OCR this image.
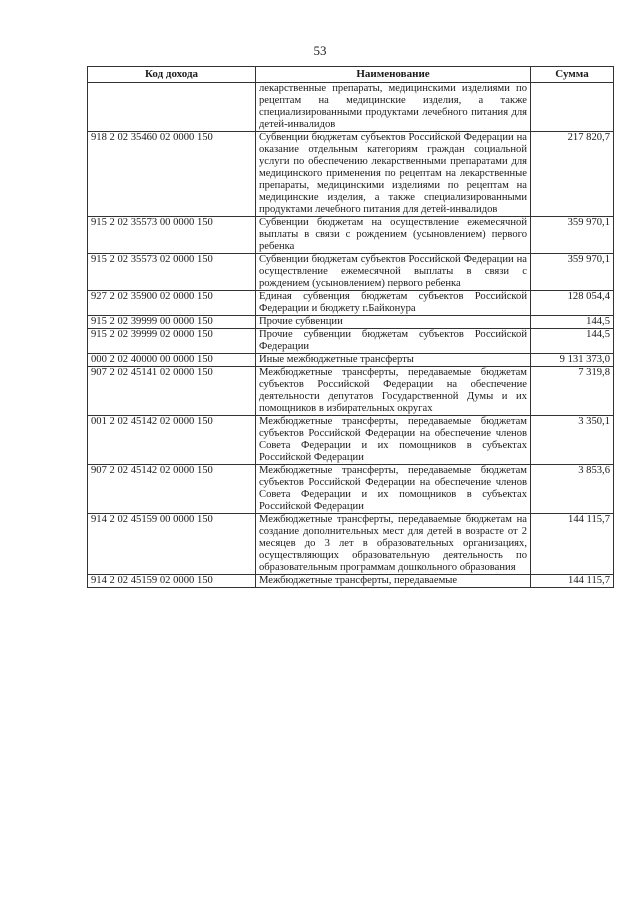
53
Код дохода	Наименование	Сумма
	лекарственные препараты, медицинскими изделиями по рецептам на медицинские изделия, а также специализированными продуктами лечебного питания для детей-инвалидов	
918 2 02 35460 02 0000 150	Субвенции бюджетам субъектов Российской Федерации на оказание отдельным категориям граждан социальной услуги по обеспечению лекарственными препаратами для медицинского применения по рецептам на лекарственные препараты, медицинскими изделиями по рецептам на медицинские изделия, а также специализированными продуктами лечебного питания для детей-инвалидов	217 820,7
915 2 02 35573 00 0000 150	Субвенции бюджетам на осуществление ежемесячной выплаты в связи с рождением (усыновлением) первого ребенка	359 970,1
915 2 02 35573 02 0000 150	Субвенции бюджетам субъектов Российской Федерации на осуществление ежемесячной выплаты в связи с рождением (усыновлением) первого ребенка	359 970,1
927 2 02 35900 02 0000 150	Единая субвенция бюджетам субъектов Российской Федерации и бюджету г.Байконура	128 054,4
915 2 02 39999 00 0000 150	Прочие субвенции	144,5
915 2 02 39999 02 0000 150	Прочие субвенции бюджетам субъектов Российской Федерации	144,5
000 2 02 40000 00 0000 150	Иные межбюджетные трансферты	9 131 373,0
907 2 02 45141 02 0000 150	Межбюджетные трансферты, передаваемые бюджетам субъектов Российской Федерации на обеспечение деятельности депутатов Государственной Думы и их помощников в избирательных округах	7 319,8
001 2 02 45142 02 0000 150	Межбюджетные трансферты, передаваемые бюджетам субъектов Российской Федерации на обеспечение членов Совета Федерации и их помощников в субъектах Российской Федерации	3 350,1
907 2 02 45142 02 0000 150	Межбюджетные трансферты, передаваемые бюджетам субъектов Российской Федерации на обеспечение членов Совета Федерации и их помощников в субъектах Российской Федерации	3 853,6
914 2 02 45159 00 0000 150	Межбюджетные трансферты, передаваемые бюджетам на создание дополнительных мест для детей в возрасте от 2 месяцев до 3 лет в образовательных организациях, осуществляющих образовательную деятельность по образовательным программам дошкольного образования	144 115,7
914 2 02 45159 02 0000 150	Межбюджетные трансферты, передаваемые	144 115,7
